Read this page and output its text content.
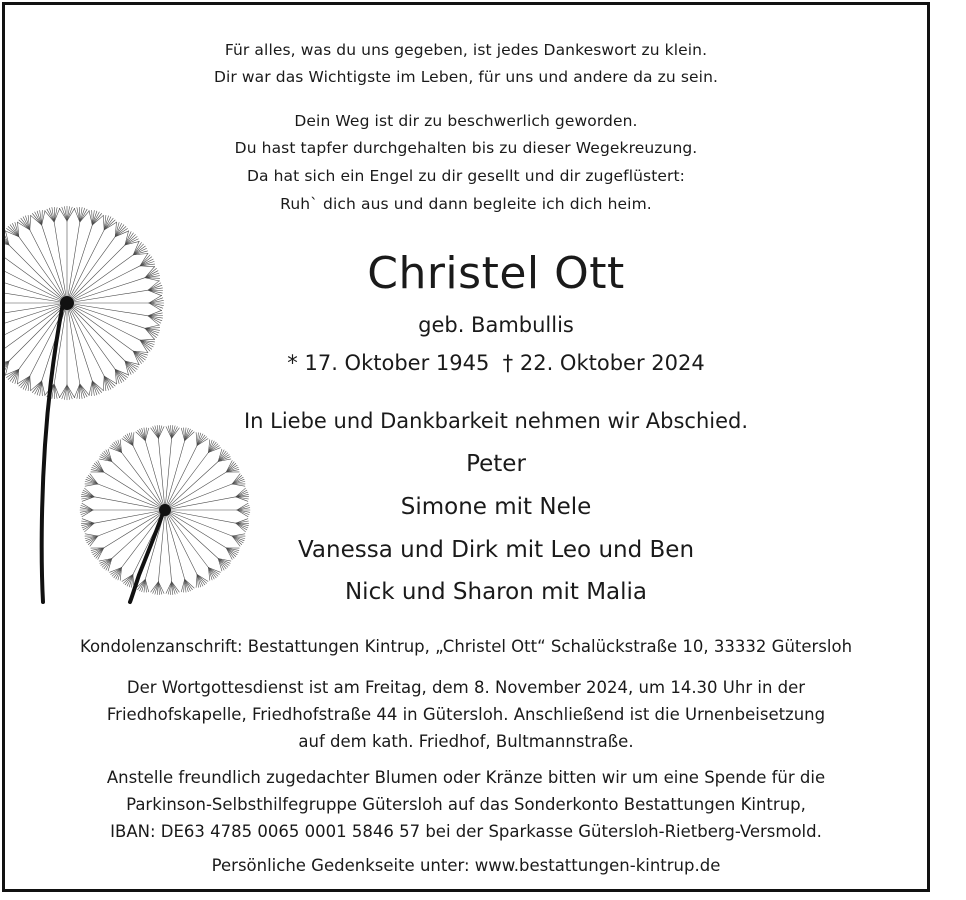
Für alles, was du uns gegeben, ist jedes Dankeswort zu klein.
Dir war das Wichtigste im Leben, für uns und andere da zu sein.
Dein Weg ist dir zu beschwerlich geworden.
Du hast tapfer durchgehalten bis zu dieser Wegekreuzung.
Da hat sich ein Engel zu dir gesellt und dir zugeflüstert:
Ruh` dich aus und dann begleite ich dich heim.
Christel Ott
geb. Bambullis
* 17. Oktober 1945  † 22. Oktober 2024
In Liebe und Dankbarkeit nehmen wir Abschied.
Peter
Simone mit Nele
Vanessa und Dirk mit Leo und Ben
Nick und Sharon mit Malia
Kondolenzanschrift: Bestattungen Kintrup, „Christel Ott“ Schalückstraße 10, 33332 Gütersloh
Der Wortgottesdienst ist am Freitag, dem 8. November 2024, um 14.30 Uhr in der
Friedhofskapelle, Friedhofstraße 44 in Gütersloh. Anschließend ist die Urnenbeisetzung
auf dem kath. Friedhof, Bultmannstraße.
Anstelle freundlich zugedachter Blumen oder Kränze bitten wir um eine Spende für die
Parkinson-Selbsthilfegruppe Gütersloh auf das Sonderkonto Bestattungen Kintrup,
IBAN: DE63 4785 0065 0001 5846 57 bei der Sparkasse Gütersloh-Rietberg-Versmold.
Persönliche Gedenkseite unter: www.bestattungen-kintrup.de
